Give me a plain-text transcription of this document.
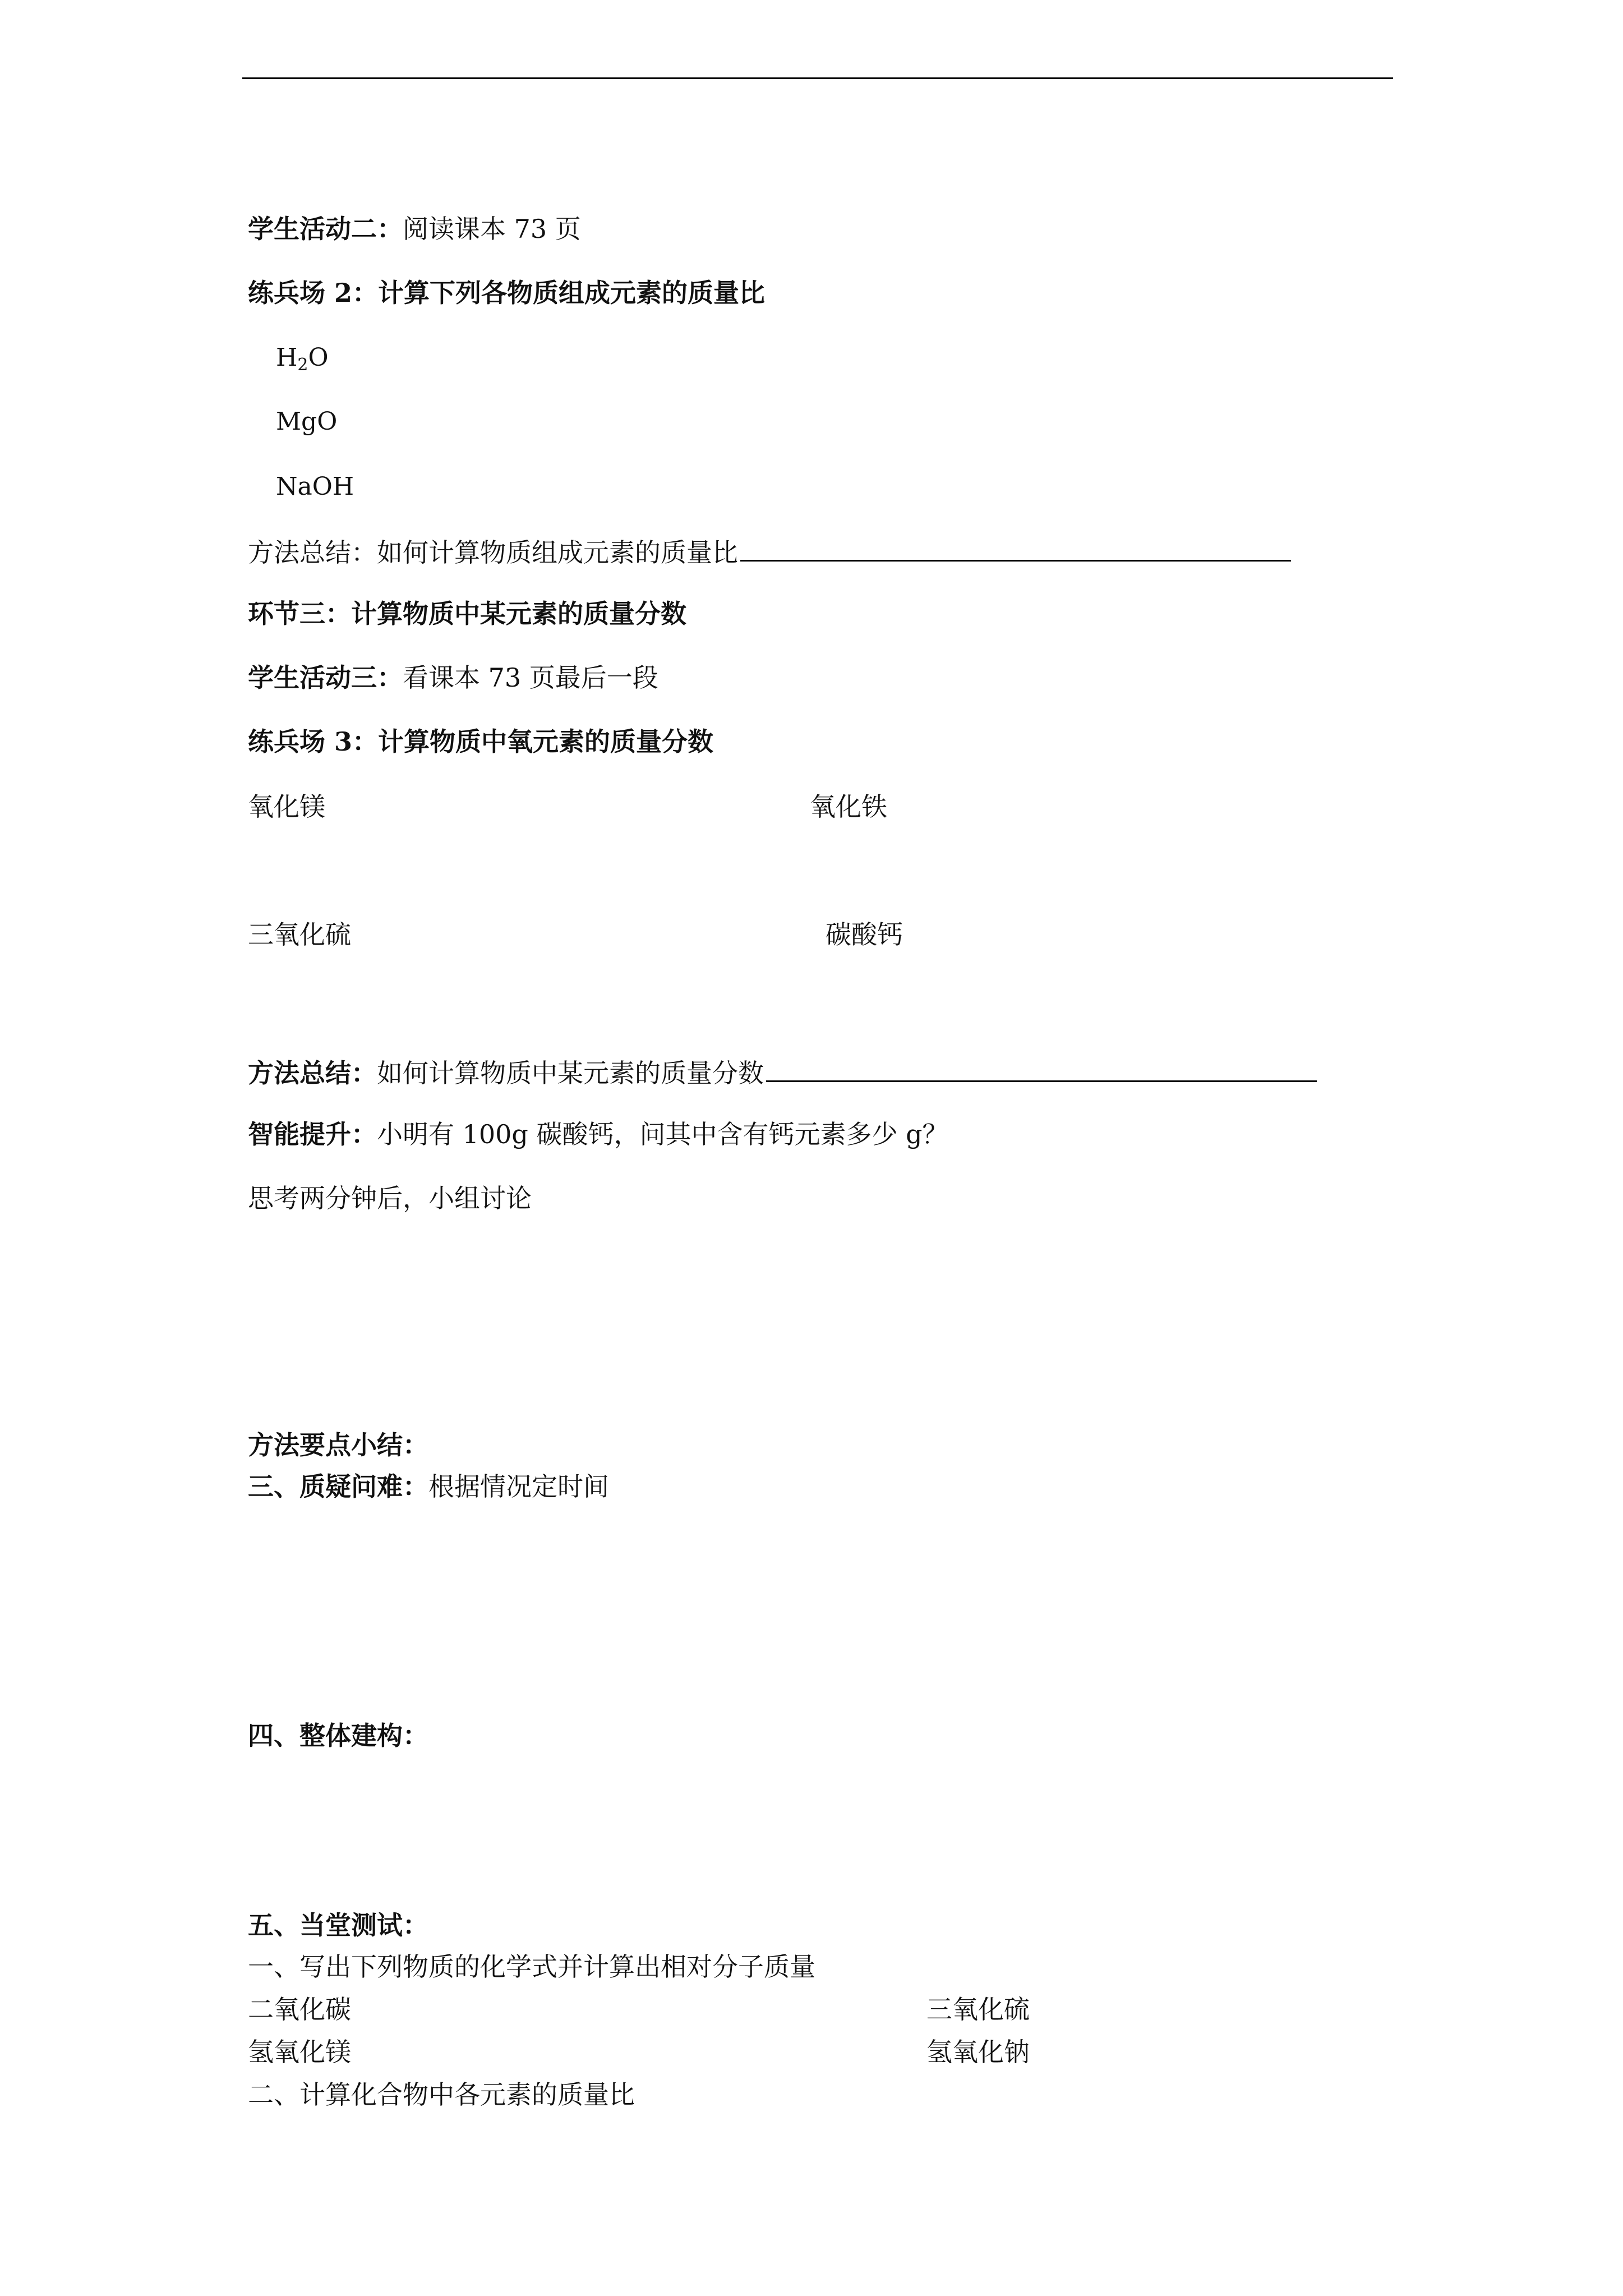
学生活动二：阅读课本 73 页
练兵场 2：计算下列各物质组成元素的质量比
$H_2O$
MgO
NaOH
方法总结：如何计算物质组成元素的质量比
环节三：计算物质中某元素的质量分数
学生活动三：看课本 73 页最后一段
练兵场 3：计算物质中氧元素的质量分数
氧化镁	氧化铁
三氧化硫	碳酸钙
方法总结：如何计算物质中某元素的质量分数
智能提升：小明有 100g 碳酸钙，问其中含有钙元素多少 g？
思考两分钟后，小组讨论
方法要点小结：
三、质疑问难：根据情况定时间
四、整体建构：
五、当堂测试：
一、写出下列物质的化学式并计算出相对分子质量
二氧化碳	三氧化硫
氢氧化镁	氢氧化钠
二、计算化合物中各元素的质量比
